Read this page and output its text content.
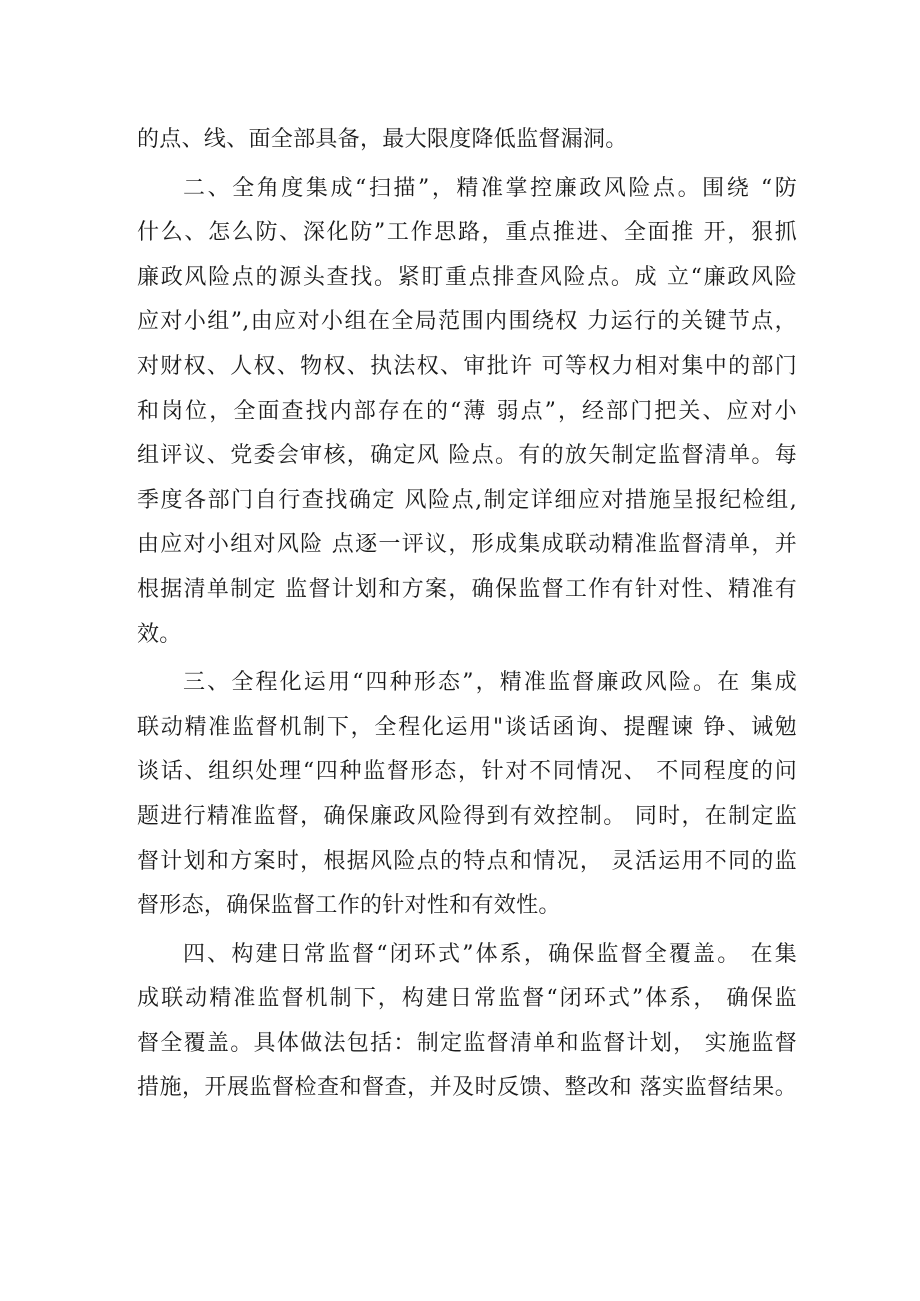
的点、线、面全部具备，最大限度降低监督漏洞。
二、全角度集成“扫描”，精准掌控廉政风险点。围绕 “防
什么、怎么防、深化防”工作思路，重点推进、全面推 开，狠抓
廉政风险点的源头查找。紧盯重点排查风险点。成 立“廉政风险
应对小组”,由应对小组在全局范围内围绕权 力运行的关键节点，
对财权、人权、物权、执法权、审批许 可等权力相对集中的部门
和岗位，全面查找内部存在的“薄 弱点”，经部门把关、应对小
组评议、党委会审核，确定风 险点。有的放矢制定监督清单。每
季度各部门自行查找确定 风险点,制定详细应对措施呈报纪检组,
由应对小组对风险 点逐一评议，形成集成联动精准监督清单，并
根据清单制定 监督计划和方案，确保监督工作有针对性、精准有
效。
三、全程化运用“四种形态”，精准监督廉政风险。在 集成
联动精准监督机制下，全程化运用"谈话函询、提醒谏 铮、诫勉
谈话、组织处理“四种监督形态，针对不同情况、 不同程度的问
题进行精准监督，确保廉政风险得到有效控制。 同时，在制定监
督计划和方案时，根据风险点的特点和情况， 灵活运用不同的监
督形态，确保监督工作的针对性和有效性。
四、构建日常监督“闭环式”体系，确保监督全覆盖。 在集
成联动精准监督机制下，构建日常监督“闭环式”体系， 确保监
督全覆盖。具体做法包括：制定监督清单和监督计划， 实施监督
措施，开展监督检查和督查，并及时反馈、整改和 落实监督结果。
